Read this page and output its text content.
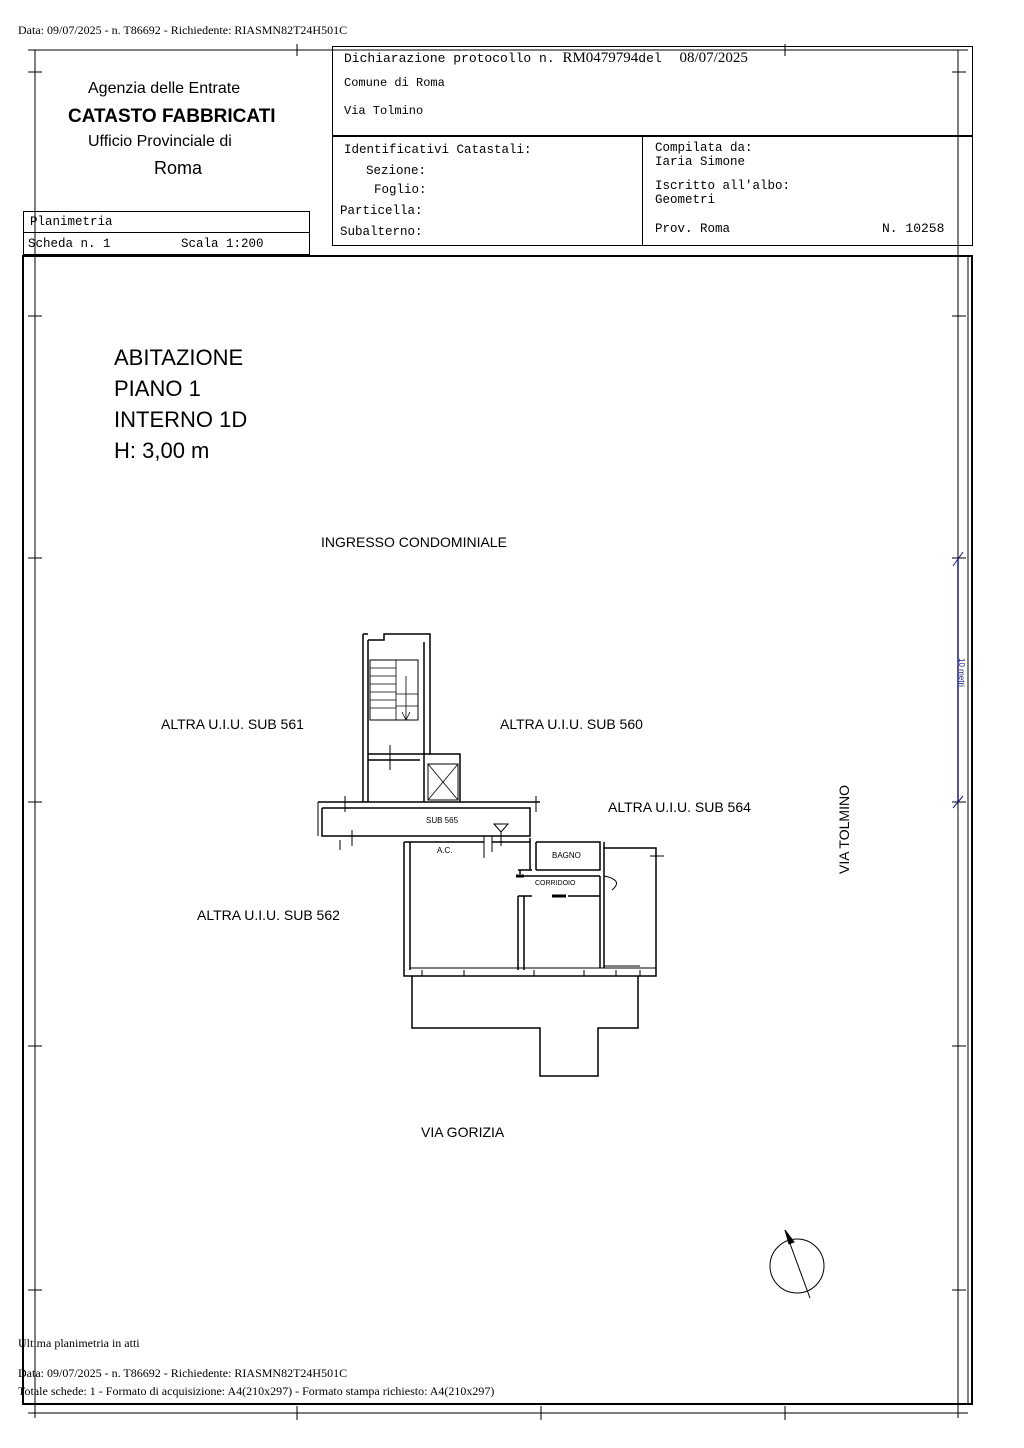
Data: 09/07/2025 - n. T86692 - Richiedente: RIASMN82T24H501C
Agenzia delle Entrate
CATASTO FABBRICATI
Ufficio Provinciale di
Roma
Dichiarazione protocollo n. RM0479794del 08/07/2025
Comune di Roma
Via Tolmino
Identificativi Catastali:
Sezione:
Foglio:
Particella:
Subalterno:
Compilata da:
Iaria Simone
Iscritto all'albo:
Geometri
Prov. Roma	N. 10258
Planimetria
Scheda n. 1	Scala 1:200
ABITAZIONE
PIANO 1
INTERNO 1D
H: 3,00 m
INGRESSO CONDOMINIALE
ALTRA U.I.U. SUB 561	ALTRA U.I.U. SUB 560
ALTRA U.I.U. SUB 564
ALTRA U.I.U. SUB 562
SUB 565
A.C.
BAGNO
CORRIDOIO
VIA GORIZIA
VIA TOLMINO
10 metri
Ultima planimetria in atti
Data: 09/07/2025 - n. T86692 - Richiedente: RIASMN82T24H501C
Totale schede: 1 - Formato di acquisizione: A4(210x297) - Formato stampa richiesto: A4(210x297)
